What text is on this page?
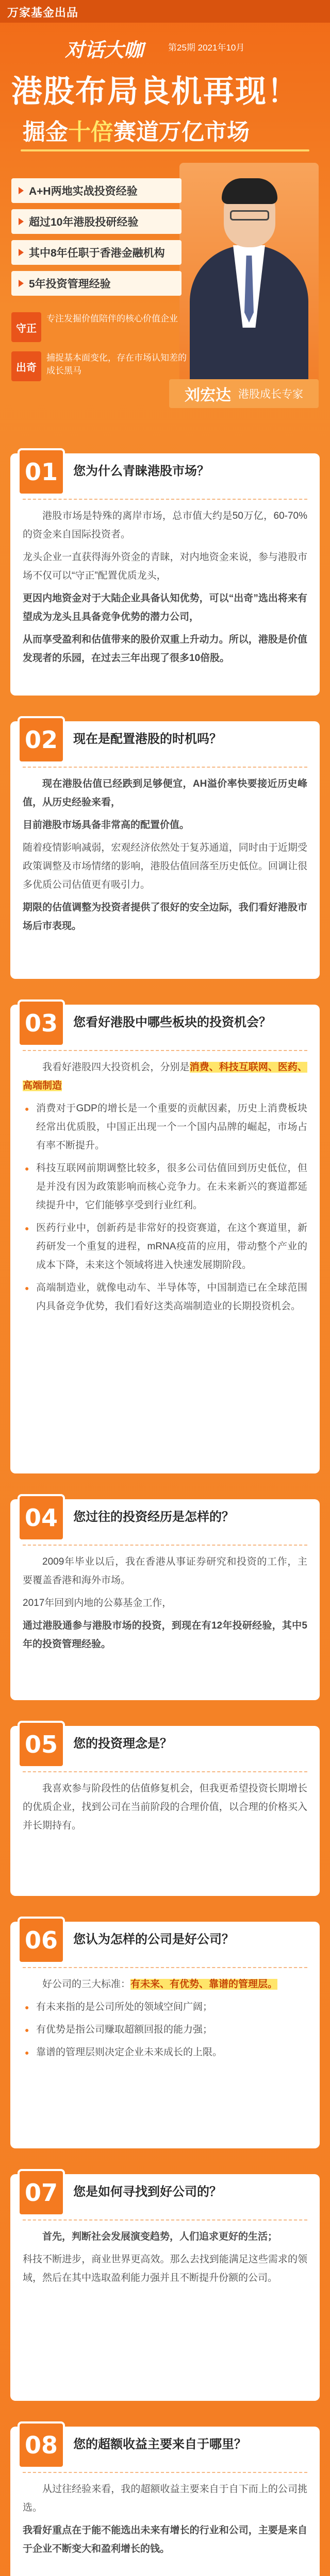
万家基金出品
对话大咖	第25期 2021年10月
港股布局良机再现！
掘金十倍赛道万亿市场
A+H两地实战投资经验
超过10年港股投研经验
其中8年任职于香港金融机构
5年投资管理经验
守正
专注发掘价值陪伴的核心价值企业
出奇
捕捉基本面变化，存在市场认知差的成长黑马
刘宏达 港股成长专家
01	您为什么青睐港股市场？

港股市场是特殊的离岸市场，总市值大约是50万亿，60-70%的资金来自国际投资者。

龙头企业一直获得海外资金的青睐，对内地资金来说，参与港股市场不仅可以“守正”配置优质龙头，

更因内地资金对于大陆企业具备认知优势，可以“出奇”选出将来有望成为龙头且具备竞争优势的潜力公司，

从而享受盈利和估值带来的股价双重上升动力。所以，港股是价值发现者的乐园，在过去三年出现了很多10倍股。

02	现在是配置港股的时机吗？

现在港股估值已经跌到足够便宜，AH溢价率快要接近历史峰值，从历史经验来看，

目前港股市场具备非常高的配置价值。

随着疫情影响减弱，宏观经济依然处于复苏通道，同时由于近期受政策调整及市场情绪的影响，港股估值回落至历史低位。回调让很多优质公司估值更有吸引力。

期限的估值调整为投资者提供了很好的安全边际，我们看好港股市场后市表现。

03	您看好港股中哪些板块的投资机会？

我看好港股四大投资机会，分别是消费、科技互联网、医药、高端制造

● 消费对于GDP的增长是一个重要的贡献因素，历史上消费板块经常出优质股，中国正出现一个一个国内品牌的崛起，市场占有率不断提升。

● 科技互联网前期调整比较多，很多公司估值回到历史低位，但是并没有因为政策影响而核心竞争力。在未来新兴的赛道都延续提升中，它们能够享受到行业红利。

● 医药行业中，创新药是非常好的投资赛道，在这个赛道里，新药研发一个重复的进程，mRNA疫苗的应用，带动整个产业的成本下降，未来这个领域将进入快速发展期阶段。

● 高端制造业，就像电动车、半导体等，中国制造已在全球范围内具备竞争优势，我们看好这类高端制造业的长期投资机会。

04	您过往的投资经历是怎样的？

2009年毕业以后，我在香港从事证券研究和投资的工作，主要覆盖香港和海外市场。

2017年回到内地的公募基金工作，

通过港股通参与港股市场的投资，到现在有12年投研经验，其中5年的投资管理经验。

05	您的投资理念是？

我喜欢参与阶段性的估值修复机会，但我更希望投资长期增长的优质企业，找到公司在当前阶段的合理价值，以合理的价格买入并长期持有。

06	您认为怎样的公司是好公司？

好公司的三大标准：有未来、有优势、靠谱的管理层。

● 有未来指的是公司所处的领域空间广阔；

● 有优势是指公司赚取超额回报的能力强；

● 靠谱的管理层则决定企业未来成长的上限。

07	您是如何寻找到好公司的？

首先，判断社会发展演变趋势，人们追求更好的生活；

科技不断进步，商业世界更高效。那么去找到能满足这些需求的领域，然后在其中选取盈利能力强并且不断提升份额的公司。

08	您的超额收益主要来自于哪里？

从过往经验来看，我的超额收益主要来自于自下而上的公司挑选。

我看好重点在于能不能选出未来有增长的行业和公司，主要是来自于企业不断变大和盈利增长的钱。
